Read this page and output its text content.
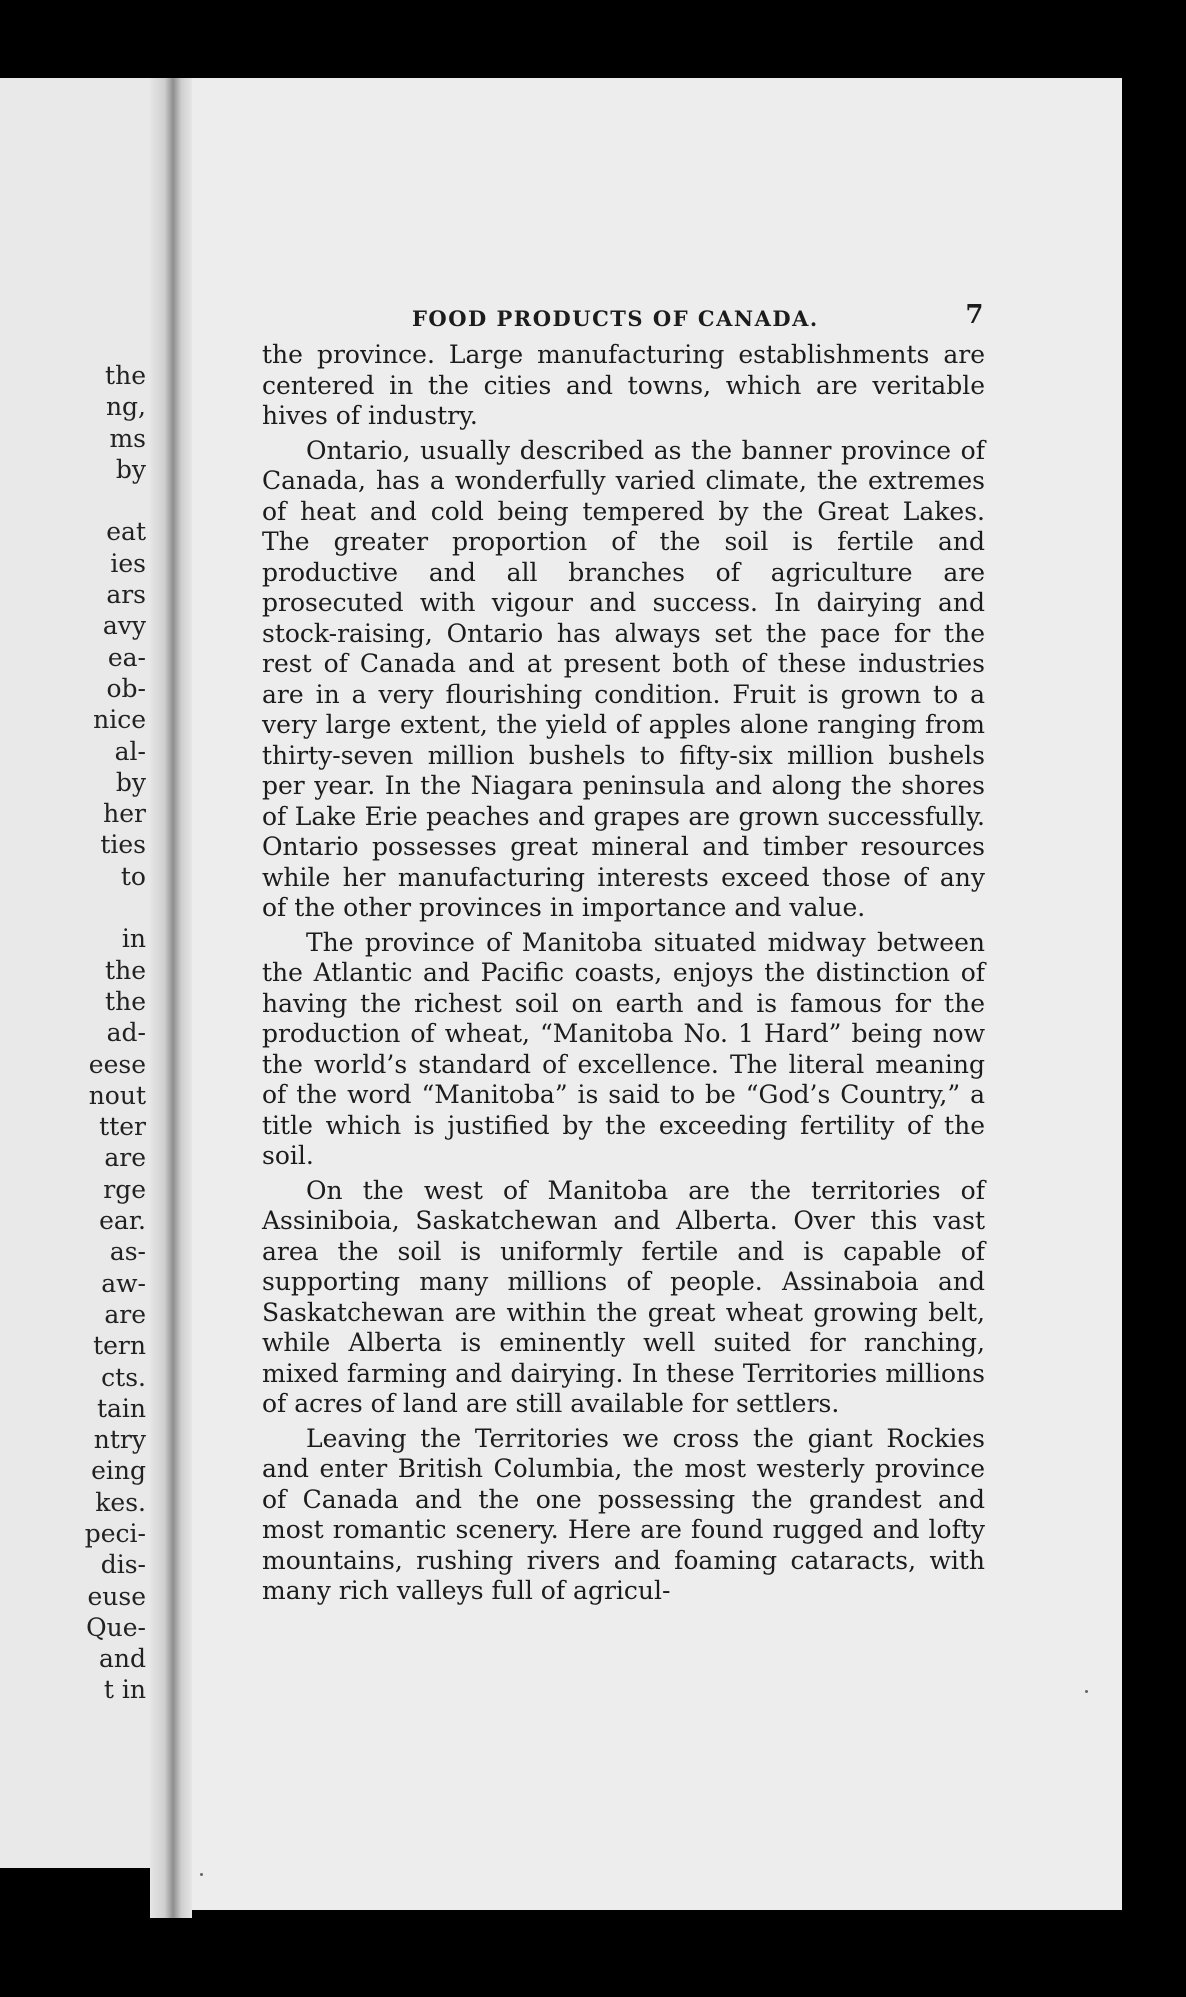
the
ng,
ms
by
eat
ies
ars
avy
ea-
ob-
nice
al-
by
her
ties
to
in
the
the
ad-
eese
nout
tter
are
rge
ear.
as-
aw-
are
tern
cts.
tain
ntry
eing
kes.
peci-
dis-
euse
Que-
and
t in
FOOD PRODUCTS OF CANADA.	7

the province. Large manufacturing establishments are centered in the cities and towns, which are veritable hives of industry.

Ontario, usually described as the banner province of Canada, has a wonderfully varied climate, the extremes of heat and cold being tempered by the Great Lakes. The greater proportion of the soil is fertile and productive and all branches of agriculture are prosecuted with vigour and success. In dairying and stock-raising, Ontario has always set the pace for the rest of Canada and at present both of these industries are in a very flourishing condition. Fruit is grown to a very large extent, the yield of apples alone ranging from thirty-seven million bushels to fifty-six million bushels per year. In the Niagara peninsula and along the shores of Lake Erie peaches and grapes are grown successfully. Ontario possesses great mineral and timber resources while her manufacturing interests exceed those of any of the other provinces in importance and value.

The province of Manitoba situated midway between the Atlantic and Pacific coasts, enjoys the distinction of having the richest soil on earth and is famous for the production of wheat, “Manitoba No. 1 Hard” being now the world’s standard of excellence. The literal meaning of the word “Manitoba” is said to be “God’s Country,” a title which is justified by the exceeding fertility of the soil.

On the west of Manitoba are the territories of Assiniboia, Saskatchewan and Alberta. Over this vast area the soil is uniformly fertile and is capable of supporting many millions of people. Assinaboia and Saskatchewan are within the great wheat growing belt, while Alberta is eminently well suited for ranching, mixed farming and dairying. In these Territories millions of acres of land are still available for settlers.

Leaving the Territories we cross the giant Rockies and enter British Columbia, the most westerly province of Canada and the one possessing the grandest and most romantic scenery. Here are found rugged and lofty mountains, rushing rivers and foaming cataracts, with many rich valleys full of agricul-
